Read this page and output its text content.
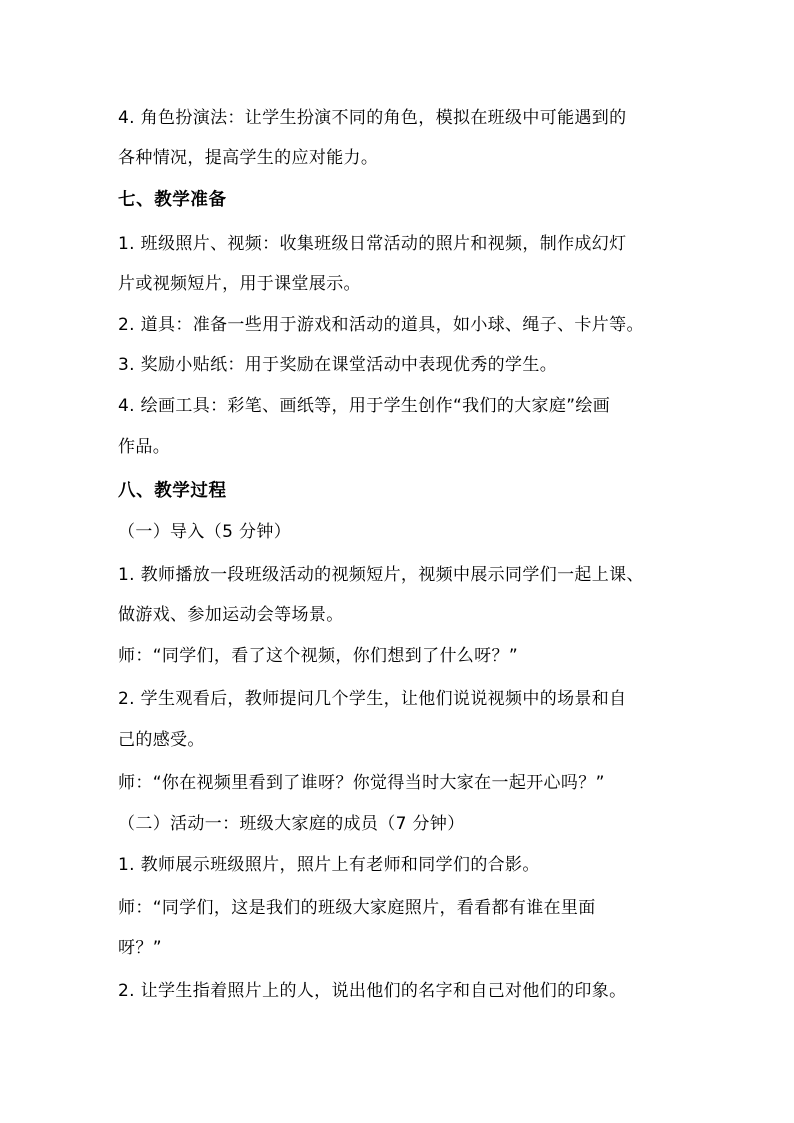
4. 角色扮演法：让学生扮演不同的角色，模拟在班级中可能遇到的
各种情况，提高学生的应对能力。
七、教学准备
1. 班级照片、视频：收集班级日常活动的照片和视频，制作成幻灯
片或视频短片，用于课堂展示。
2. 道具：准备一些用于游戏和活动的道具，如小球、绳子、卡片等。
3. 奖励小贴纸：用于奖励在课堂活动中表现优秀的学生。
4. 绘画工具：彩笔、画纸等，用于学生创作“我们的大家庭”绘画
作品。
八、教学过程
（一）导入（5 分钟）
1. 教师播放一段班级活动的视频短片，视频中展示同学们一起上课、
做游戏、参加运动会等场景。
师：“同学们，看了这个视频，你们想到了什么呀？”
2. 学生观看后，教师提问几个学生，让他们说说视频中的场景和自
己的感受。
师：“你在视频里看到了谁呀？你觉得当时大家在一起开心吗？”
（二）活动一：班级大家庭的成员（7 分钟）
1. 教师展示班级照片，照片上有老师和同学们的合影。
师：“同学们，这是我们的班级大家庭照片，看看都有谁在里面
呀？”
2. 让学生指着照片上的人，说出他们的名字和自己对他们的印象。
